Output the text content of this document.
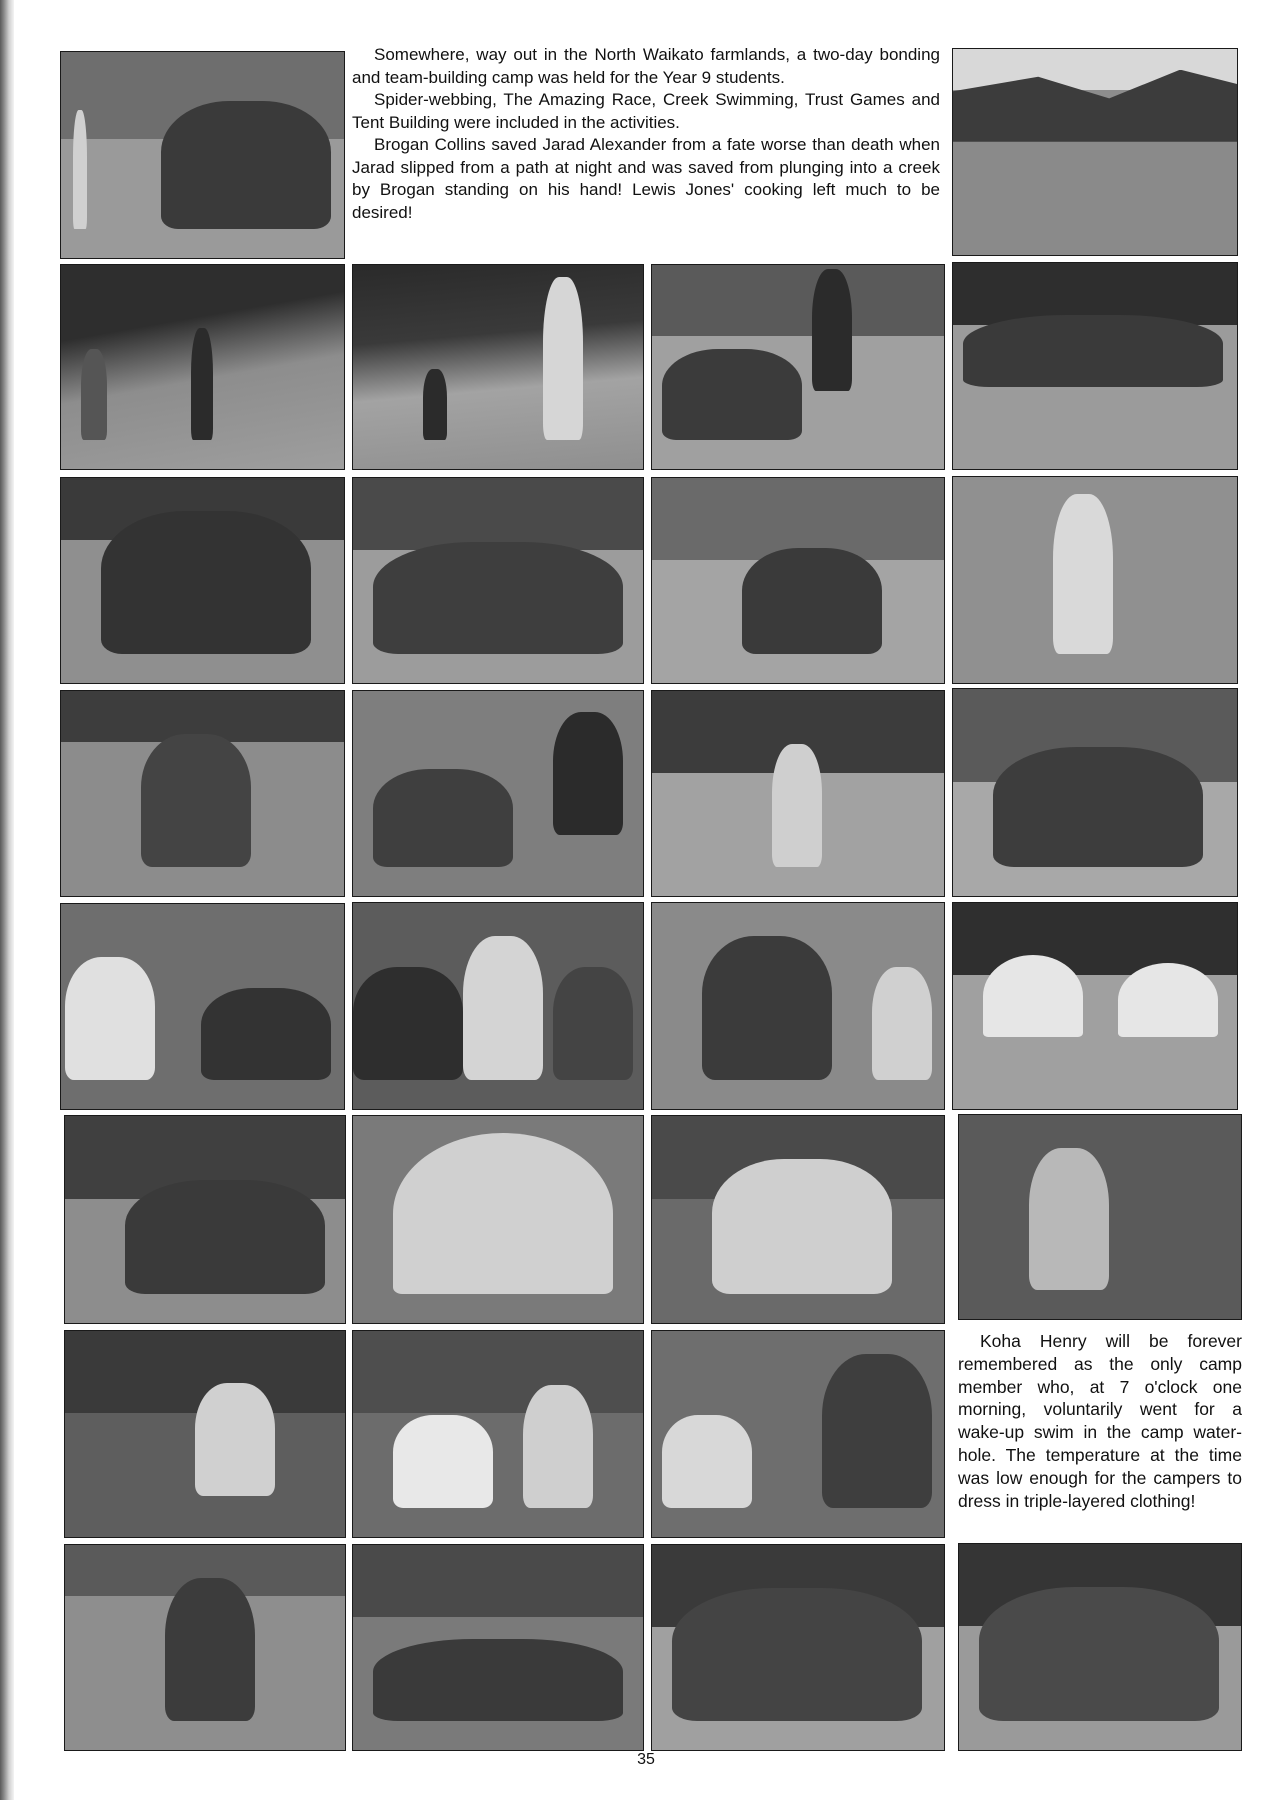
Somewhere, way out in the North Waikato farmlands, a two-day bonding and team-building camp was held for the Year 9 students.

Spider-webbing, The Amazing Race, Creek Swimming, Trust Games and Tent Building were included in the activities.

Brogan Collins saved Jarad Alexander from a fate worse than death when Jarad slipped from a path at night and was saved from plunging into a creek by Brogan standing on his hand! Lewis Jones' cooking left much to be desired!

Koha Henry will be forever remembered as the only camp member who, at 7 o'clock one morning, voluntarily went for a wake-up swim in the camp water-hole. The temperature at the time was low enough for the campers to dress in triple-layered clothing!

35
